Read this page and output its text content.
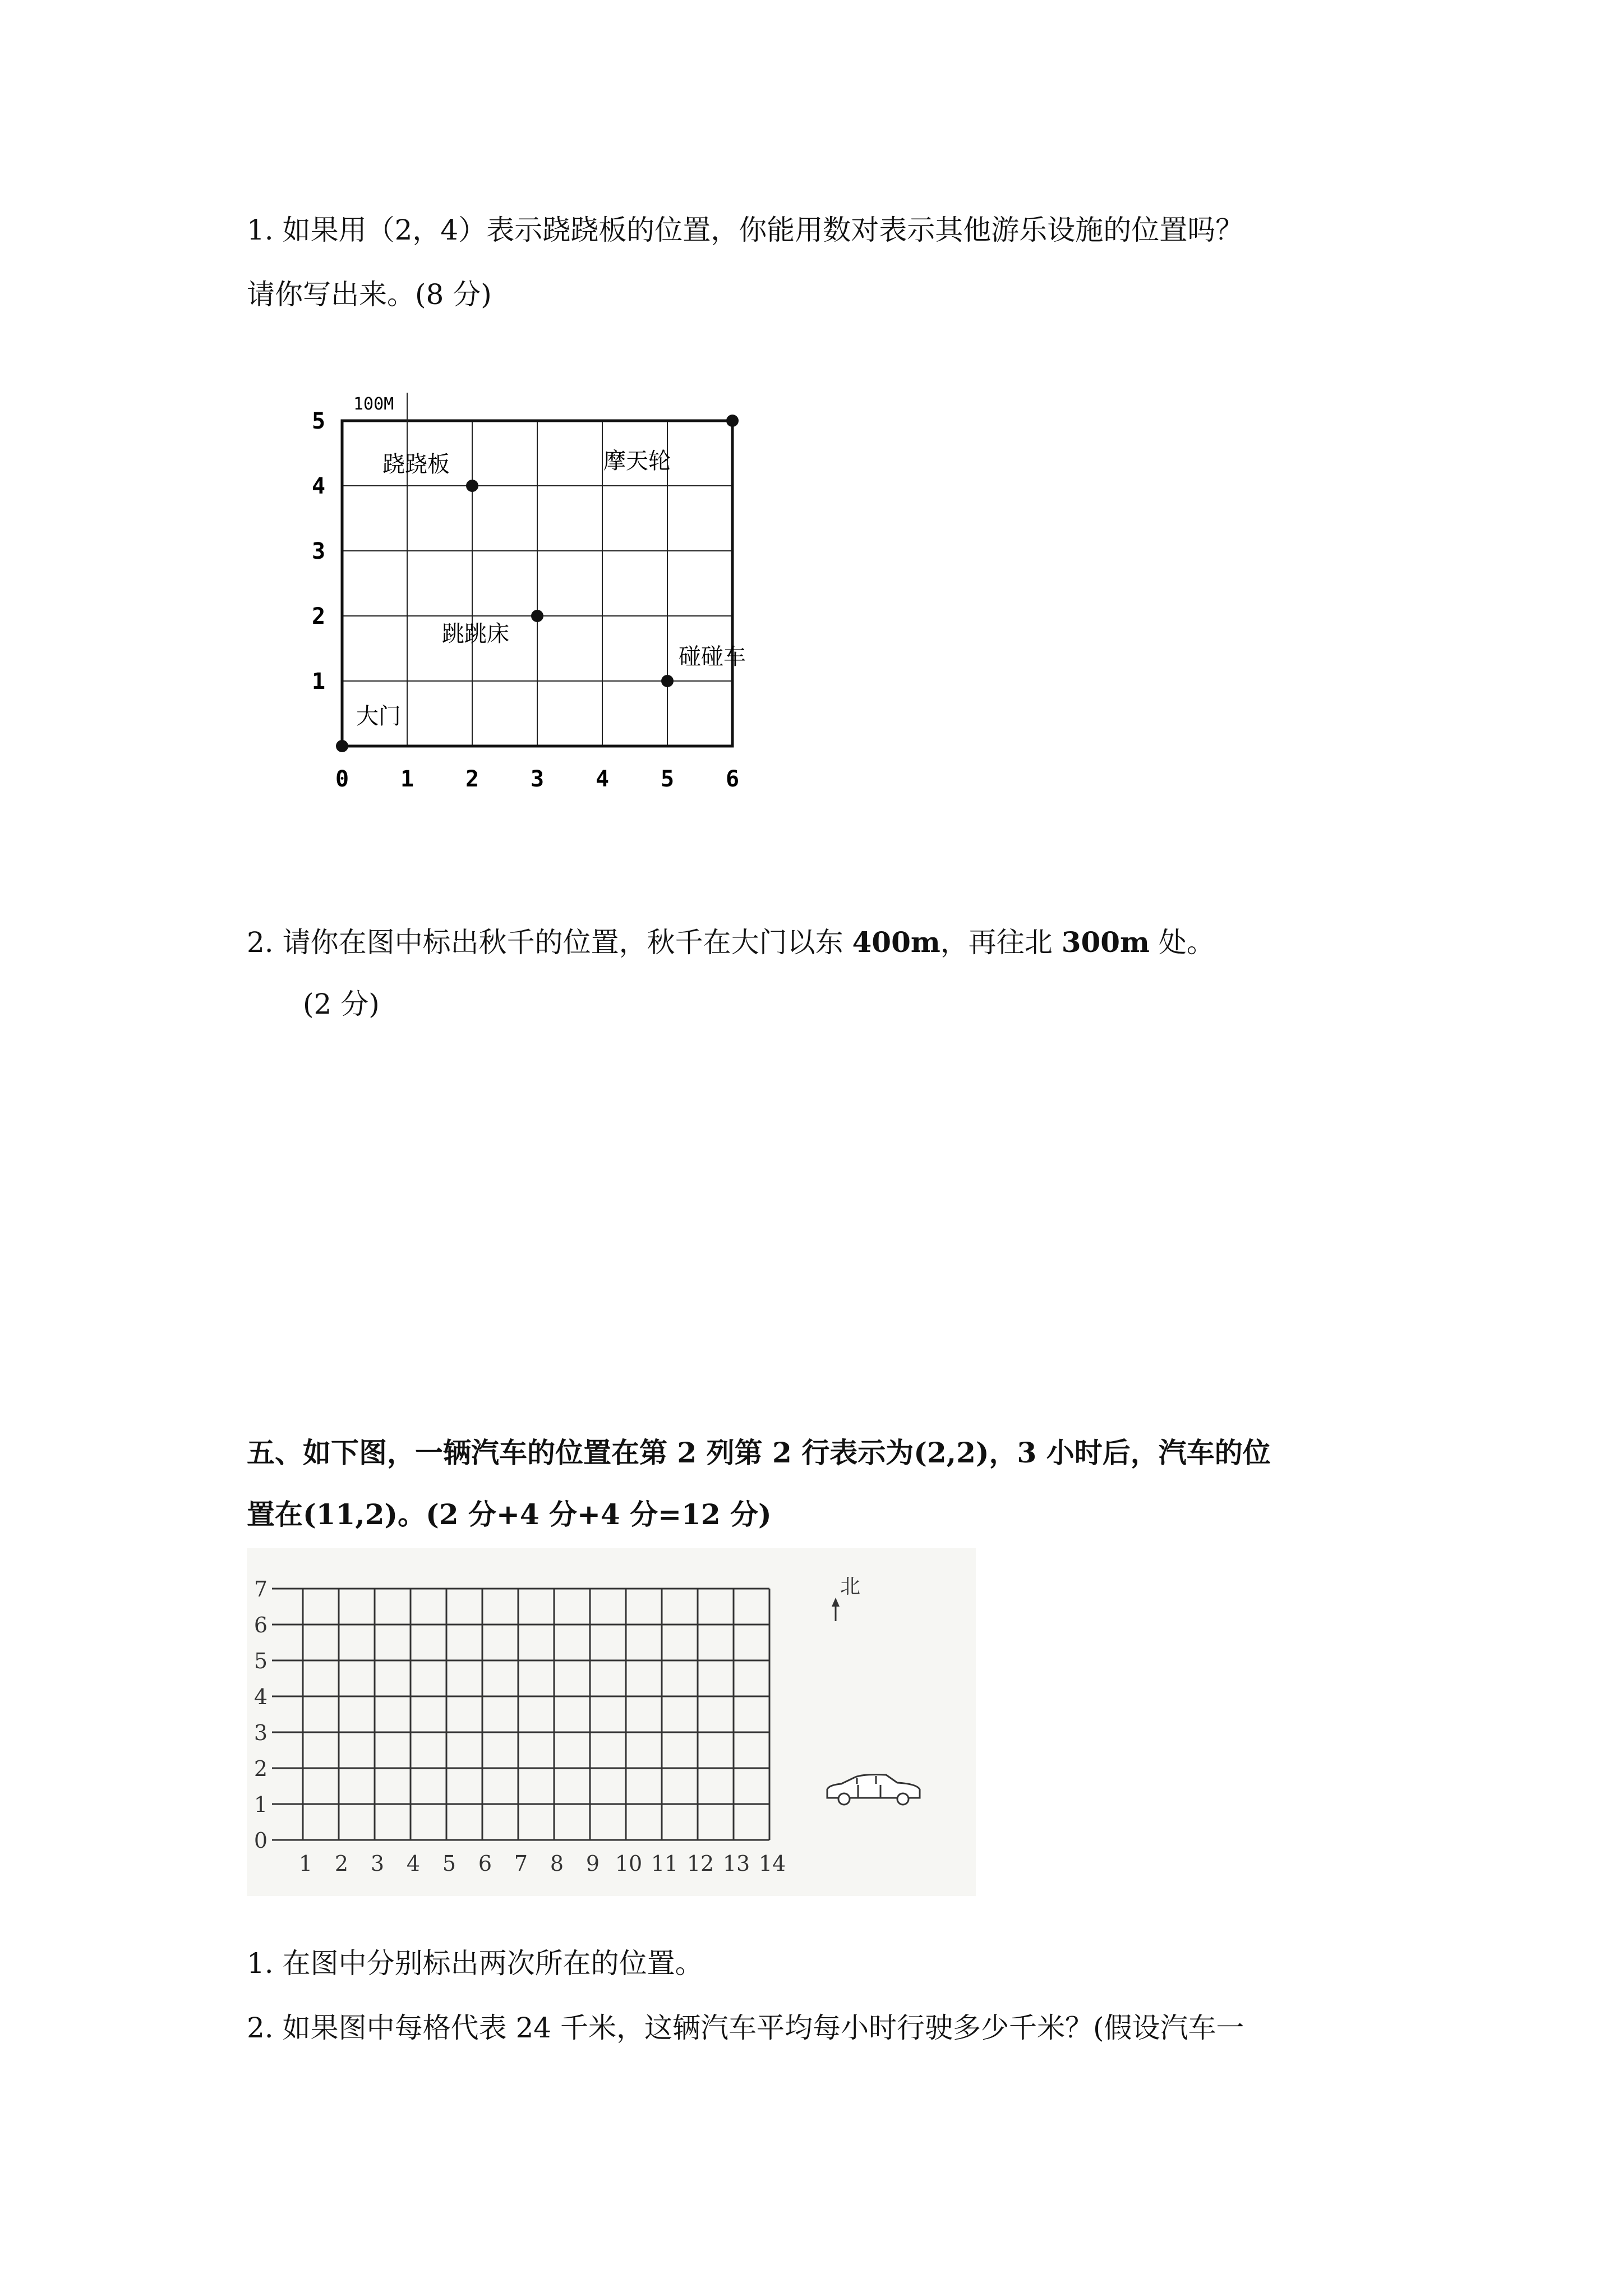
1. 如果用（2，4）表示跷跷板的位置，你能用数对表示其他游乐设施的位置吗？
请你写出来。(8 分)
100M
0 1 2 3 4 5 6
1
2
3
4
5
跷跷板	摩天轮
跳跳床
碰碰车
大门
2. 请你在图中标出秋千的位置，秋千在大门以东 400m，再往北 300m 处。
(2 分)
五、如下图，一辆汽车的位置在第 2 列第 2 行表示为(2,2)，3 小时后，汽车的位
置在(11,2)。(2 分+4 分+4 分=12 分)
1 2 3 4 5 6 7 8 9 10 11 12 13 14
0
1
2
3
4
5
6
7	北
1. 在图中分别标出两次所在的位置。
2. 如果图中每格代表 24 千米，这辆汽车平均每小时行驶多少千米？(假设汽车一
